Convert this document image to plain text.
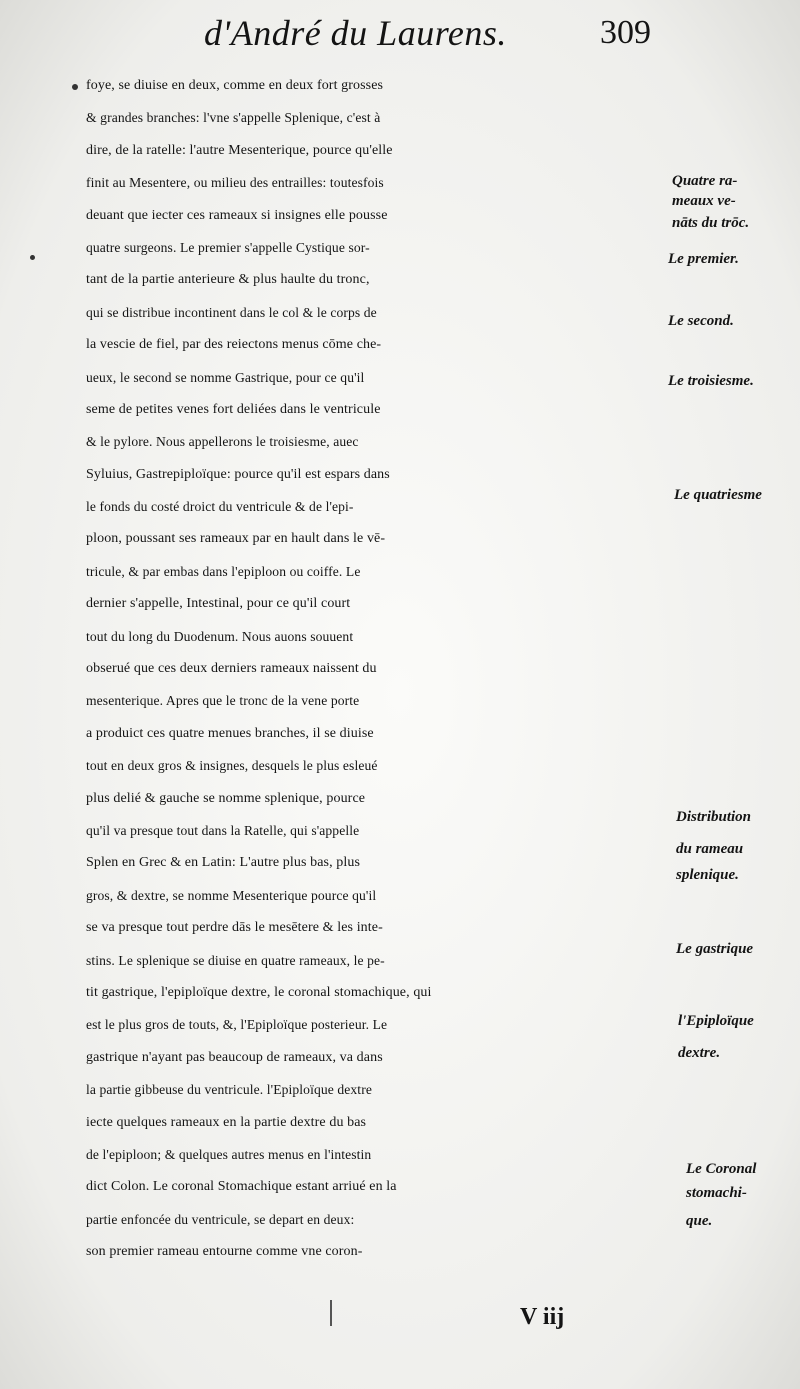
d'André du Laurens.	309
foye, se diuise en deux, comme en deux fort grosses
& grandes branches: l'vne s'appelle Splenique, c'est à
dire, de la ratelle: l'autre Mesenterique, pource qu'elle
finit au Mesentere, ou milieu des entrailles: toutesfois
deuant que iecter ces rameaux si insignes elle pousse
quatre surgeons. Le premier s'appelle Cystique sor-
tant de la partie anterieure & plus haulte du tronc,
qui se distribue incontinent dans le col & le corps de
la vescie de fiel, par des reiectons menus cōme che-
ueux, le second se nomme Gastrique, pour ce qu'il
seme de petites venes fort deliées dans le ventricule
& le pylore. Nous appellerons le troisiesme, auec
Syluius, Gastrepiploïque: pource qu'il est espars dans
le fonds du costé droict du ventricule & de l'epi-
ploon, poussant ses rameaux par en hault dans le vē-
tricule, & par embas dans l'epiploon ou coiffe. Le
dernier s'appelle, Intestinal, pour ce qu'il court
tout du long du Duodenum. Nous auons souuent
obserué que ces deux derniers rameaux naissent du
mesenterique. Apres que le tronc de la vene porte
a produict ces quatre menues branches, il se diuise
tout en deux gros & insignes, desquels le plus esleué
plus delié & gauche se nomme splenique, pource
qu'il va presque tout dans la Ratelle, qui s'appelle
Splen en Grec & en Latin: L'autre plus bas, plus
gros, & dextre, se nomme Mesenterique pource qu'il
se va presque tout perdre dās le mesētere & les inte-
stins. Le splenique se diuise en quatre rameaux, le pe-
tit gastrique, l'epiploïque dextre, le coronal stomachique, qui
est le plus gros de touts, &, l'Epiploïque posterieur. Le
gastrique n'ayant pas beaucoup de rameaux, va dans
la partie gibbeuse du ventricule. l'Epiploïque dextre
iecte quelques rameaux en la partie dextre du bas
de l'epiploon; & quelques autres menus en l'intestin
dict Colon. Le coronal Stomachique estant arriué en la
partie enfoncée du ventricule, se depart en deux:
son premier rameau entourne comme vne coron-
Quatre ra-
meaux ve-
nāts du trōc.
Le premier.
Le second.
Le troisiesme.
Le quatriesme
Distribution
du rameau
splenique.
Le gastrique
l'Epiploïque
dextre.
Le Coronal
stomachi-
que.
V iij
